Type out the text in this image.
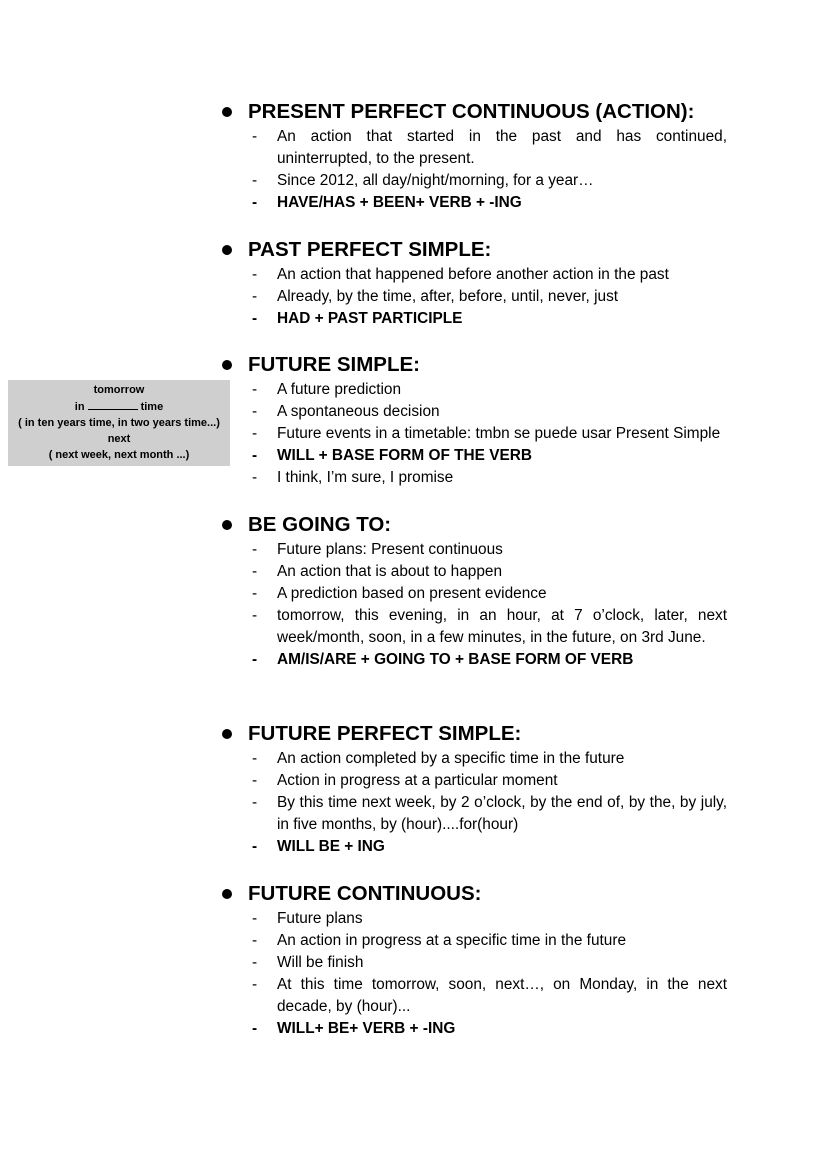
PRESENT PERFECT CONTINUOUS (ACTION):
- An action that started in the past and has continued, uninterrupted, to the present.
- Since 2012, all day/night/morning, for a year…
- HAVE/HAS + BEEN+ VERB + -ING
PAST PERFECT SIMPLE:
- An action that happened before another action in the past
- Already, by the time, after, before, until, never, just
- HAD + PAST PARTICIPLE
FUTURE SIMPLE:
- A future prediction
- A spontaneous decision
- Future events in a timetable: tmbn se puede usar Present Simple
- WILL + BASE FORM OF THE VERB
- I think, I’m sure, I promise
BE GOING TO:
- Future plans: Present continuous
- An action that is about to happen
- A prediction based on present evidence
- tomorrow, this evening, in an hour, at 7 o’clock, later, next week/month, soon, in a few minutes, in the future, on 3rd June.
- AM/IS/ARE + GOING TO + BASE FORM OF VERB
FUTURE PERFECT SIMPLE:
- An action completed by a specific time in the future
- Action in progress at a particular moment
- By this time next week, by 2 o’clock, by the end of, by the, by july, in five months, by (hour)....for(hour)
- WILL BE + ING
FUTURE CONTINUOUS:
- Future plans
- An action in progress at a specific time in the future
- Will be finish
- At this time tomorrow, soon, next…, on Monday, in the next decade, by (hour)...
- WILL+ BE+ VERB + -ING
tomorrow
in	time
( in ten years time, in two years time...)
next
( next week, next month ...)
